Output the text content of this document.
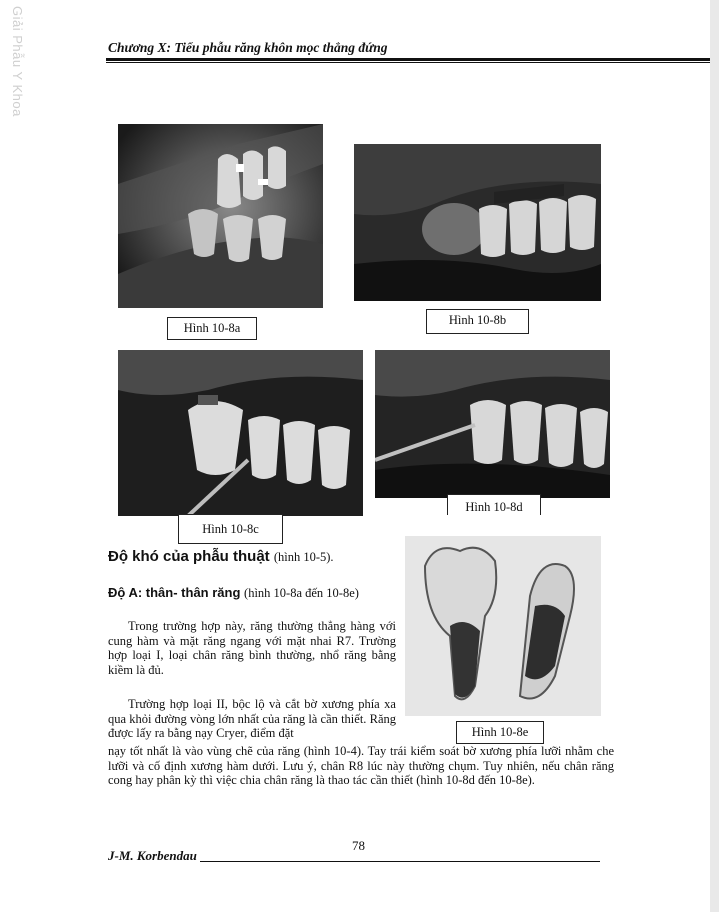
Giải Phẫu Y Khoa	Chương X: Tiểu phẫu răng khôn mọc thẳng đứng
Hình 10-8a
Hình 10-8b
Hình 10-8d
Hình 10-8c
Hình 10-8e
Độ khó của phẫu thuật (hình 10-5).
Độ A: thân- thân răng (hình 10-8a đến 10-8e)
Trong trường hợp này, răng thường thẳng hàng với cung hàm và mặt răng ngang với mặt nhai R7. Trường hợp loại I, loại chân răng bình thường, nhổ răng bằng kiềm là đủ.
Trường hợp loại II, bộc lộ và cắt bờ xương phía xa qua khỏi đường vòng lớn nhất của răng là cần thiết. Răng được lấy ra bằng nạy Cryer, điểm đặt
nạy tốt nhất là vào vùng chẽ của răng (hình 10-4). Tay trái kiểm soát bờ xương phía lưỡi nhằm che lưỡi và cố định xương hàm dưới. Lưu ý, chân R8 lúc này thường chụm. Tuy nhiên, nếu chân răng cong hay phân kỳ thì việc chia chân răng là thao tác cần thiết (hình 10-8d đến 10-8e).
78
J-M. Korbendau
